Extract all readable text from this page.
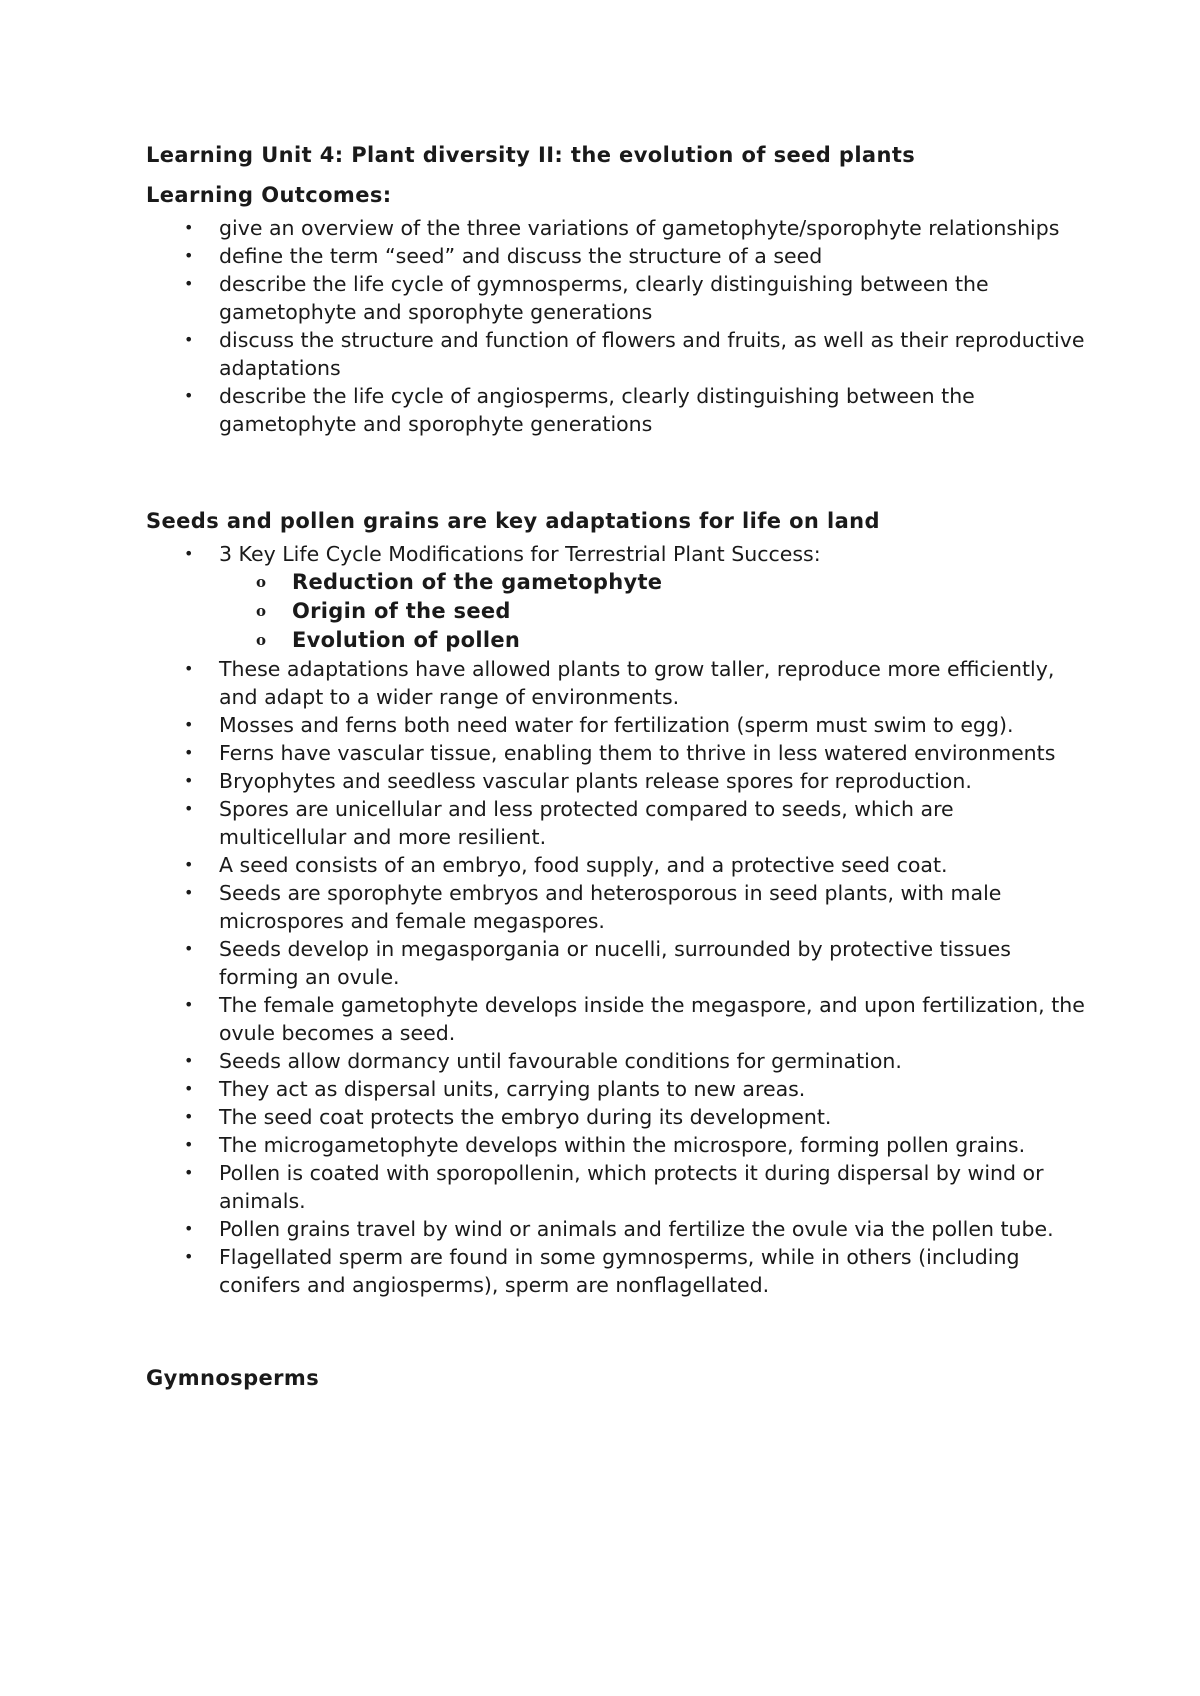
Learning Unit 4: Plant diversity II: the evolution of seed plants
Learning Outcomes:
• give an overview of the three variations of gametophyte/sporophyte relationships
• define the term “seed” and discuss the structure of a seed
• describe the life cycle of gymnosperms, clearly distinguishing between the gametophyte and sporophyte generations
• discuss the structure and function of flowers and fruits, as well as their reproductive adaptations
• describe the life cycle of angiosperms, clearly distinguishing between the gametophyte and sporophyte generations
Seeds and pollen grains are key adaptations for life on land
• 3 Key Life Cycle Modifications for Terrestrial Plant Success:
o Reduction of the gametophyte
o Origin of the seed
o Evolution of pollen
• These adaptations have allowed plants to grow taller, reproduce more efficiently, and adapt to a wider range of environments.
• Mosses and ferns both need water for fertilization (sperm must swim to egg).
• Ferns have vascular tissue, enabling them to thrive in less watered environments
• Bryophytes and seedless vascular plants release spores for reproduction.
• Spores are unicellular and less protected compared to seeds, which are multicellular and more resilient.
• A seed consists of an embryo, food supply, and a protective seed coat.
• Seeds are sporophyte embryos and heterosporous in seed plants, with male microspores and female megaspores.
• Seeds develop in megasporgania or nucelli, surrounded by protective tissues forming an ovule.
• The female gametophyte develops inside the megaspore, and upon fertilization, the ovule becomes a seed.
• Seeds allow dormancy until favourable conditions for germination.
• They act as dispersal units, carrying plants to new areas.
• The seed coat protects the embryo during its development.
• The microgametophyte develops within the microspore, forming pollen grains.
• Pollen is coated with sporopollenin, which protects it during dispersal by wind or animals.
• Pollen grains travel by wind or animals and fertilize the ovule via the pollen tube.
• Flagellated sperm are found in some gymnosperms, while in others (including conifers and angiosperms), sperm are nonflagellated.
Gymnosperms
